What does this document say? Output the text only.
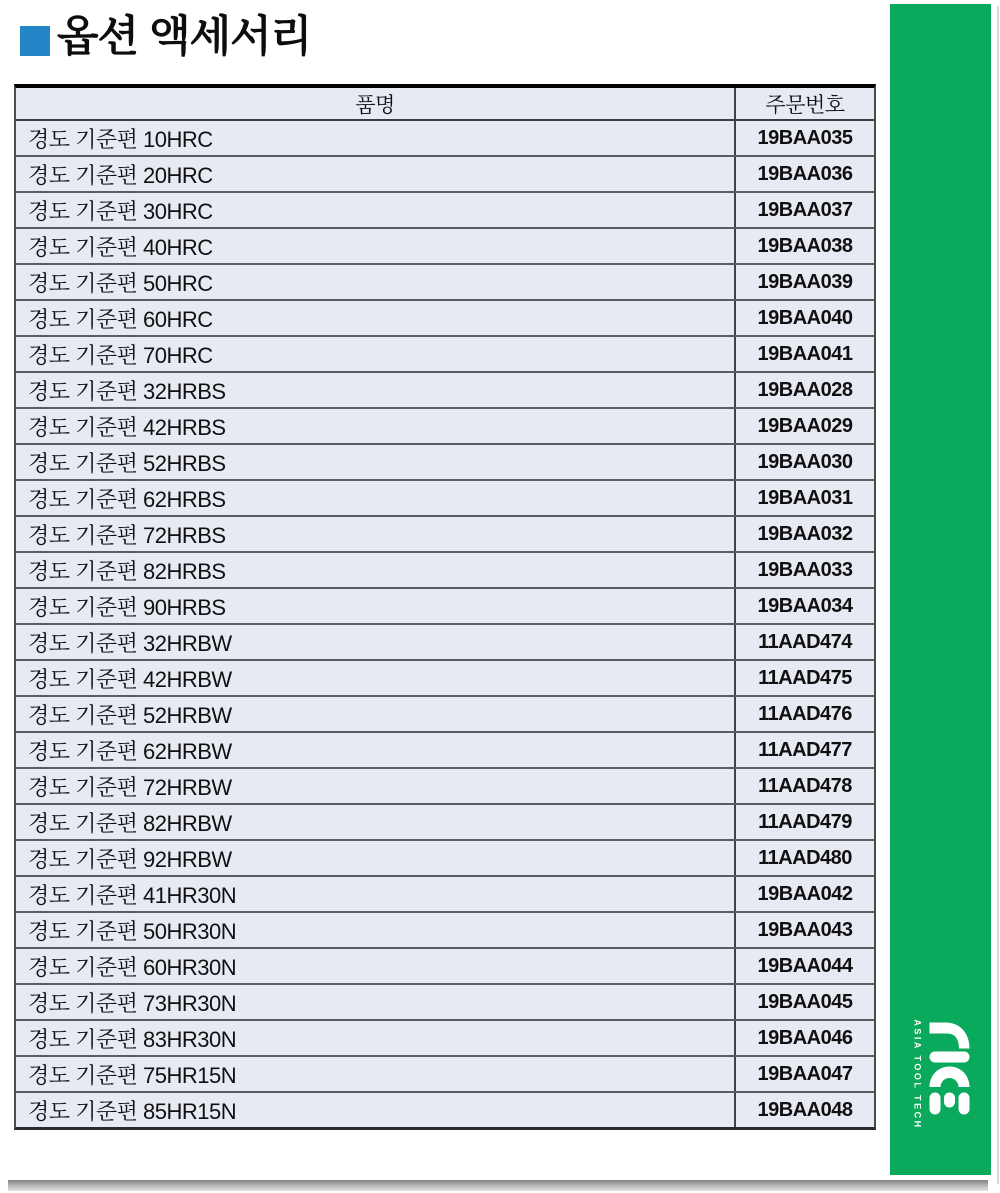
옵션 액세서리
품명	주문번호
경도 기준편 10HRC	19BAA035
경도 기준편 20HRC	19BAA036
경도 기준편 30HRC	19BAA037
경도 기준편 40HRC	19BAA038
경도 기준편 50HRC	19BAA039
경도 기준편 60HRC	19BAA040
경도 기준편 70HRC	19BAA041
경도 기준편 32HRBS	19BAA028
경도 기준편 42HRBS	19BAA029
경도 기준편 52HRBS	19BAA030
경도 기준편 62HRBS	19BAA031
경도 기준편 72HRBS	19BAA032
경도 기준편 82HRBS	19BAA033
경도 기준편 90HRBS	19BAA034
경도 기준편 32HRBW	11AAD474
경도 기준편 42HRBW	11AAD475
경도 기준편 52HRBW	11AAD476
경도 기준편 62HRBW	11AAD477
경도 기준편 72HRBW	11AAD478
경도 기준편 82HRBW	11AAD479
경도 기준편 92HRBW	11AAD480
경도 기준편 41HR30N	19BAA042
경도 기준편 50HR30N	19BAA043
경도 기준편 60HR30N	19BAA044
경도 기준편 73HR30N	19BAA045
경도 기준편 83HR30N	19BAA046
경도 기준편 75HR15N	19BAA047
경도 기준편 85HR15N	19BAA048	ASIA TOOL TECH
